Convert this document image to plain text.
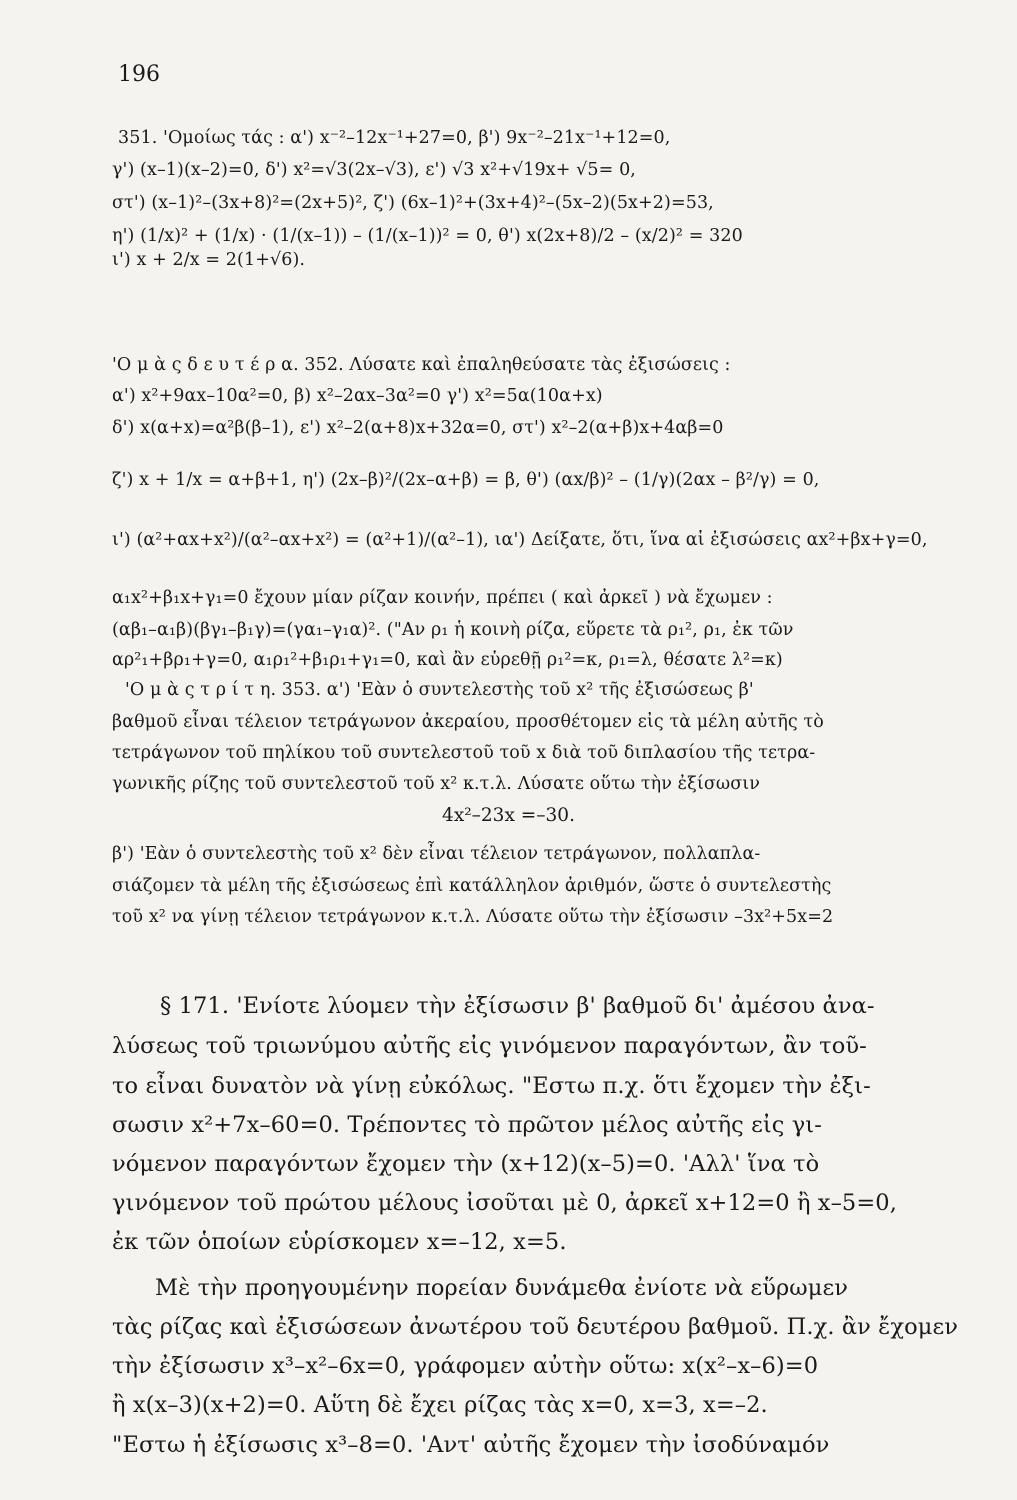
196
351. 'Ομοίως τάς : α') x⁻²–12x⁻¹+27=0, β') 9x⁻²–21x⁻¹+12=0,
γ') (x–1)(x–2)=0, δ') x²=√3(2x–√3), ε') √3 x²+√19x+ √5= 0,
στ') (x–1)²–(3x+8)²=(2x+5)², ζ') (6x–1)²+(3x+4)²–(5x–2)(5x+2)=53,
η') (1/x)² + (1/x) · (1/(x–1)) – (1/(x–1))² = 0, θ') x(2x+8)/2 – (x/2)² = 320
ι') x + 2/x = 2(1+√6).
'Ο μ ὰ ς δ ε υ τ έ ρ α. 352. Λύσατε καὶ ἐπαληθεύσατε τὰς ἐξισώσεις :
α') x²+9αx–10α²=0, β) x²–2αx–3α²=0 γ') x²=5α(10α+x)
δ') x(α+x)=α²β(β–1), ε') x²–2(α+8)x+32α=0, στ') x²–2(α+β)x+4αβ=0
ζ') x + 1/x = α+β+1, η') (2x–β)²/(2x–α+β) = β, θ') (αx/β)² – (1/γ)(2αx – β²/γ) = 0,
ι') (α²+αx+x²)/(α²–αx+x²) = (α²+1)/(α²–1), ια') Δείξατε, ὅτι, ἵνα αἱ ἐξισώσεις αx²+βx+γ=0,
α₁x²+β₁x+γ₁=0 ἔχουν μίαν ρίζαν κοινήν, πρέπει ( καὶ ἀρκεῖ ) νὰ ἔχωμεν :
(αβ₁–α₁β)(βγ₁–β₁γ)=(γα₁–γ₁α)². ("Αν ρ₁ ἡ κοινὴ ρίζα, εὕρετε τὰ ρ₁², ρ₁, ἐκ τῶν
αρ²₁+βρ₁+γ=0, α₁ρ₁²+β₁ρ₁+γ₁=0, καὶ ἂν εὑρεθῇ ρ₁²=κ, ρ₁=λ, θέσατε λ²=κ)
'Ο μ ὰ ς τ ρ ί τ η. 353. α') 'Εὰν ὁ συντελεστὴς τοῦ x² τῆς ἐξισώσεως β'
βαθμοῦ εἶναι τέλειον τετράγωνον ἀκεραίου, προσθέτομεν εἰς τὰ μέλη αὐτῆς τὸ
τετράγωνον τοῦ πηλίκου τοῦ συντελεστοῦ τοῦ x διὰ τοῦ διπλασίου τῆς τετρα-
γωνικῆς ρίζης τοῦ συντελεστοῦ τοῦ x² κ.τ.λ. Λύσατε οὕτω τὴν ἐξίσωσιν
4x²–23x =–30.
β') 'Εὰν ὁ συντελεστὴς τοῦ x² δὲν εἶναι τέλειον τετράγωνον, πολλαπλα-
σιάζομεν τὰ μέλη τῆς ἐξισώσεως ἐπὶ κατάλληλον ἀριθμόν, ὥστε ὁ συντελεστὴς
τοῦ x² να γίνῃ τέλειον τετράγωνον κ.τ.λ. Λύσατε οὕτω τὴν ἐξίσωσιν –3x²+5x=2
§ 171. 'Ενίοτε λύομεν τὴν ἐξίσωσιν β' βαθμοῦ δι' ἀμέσου ἀνα-
λύσεως τοῦ τριωνύμου αὐτῆς εἰς γινόμενον παραγόντων, ἂν τοῦ-
το εἶναι δυνατὸν νὰ γίνῃ εὐκόλως. "Εστω π.χ. ὅτι ἔχομεν τὴν ἐξι-
σωσιν x²+7x–60=0. Τρέποντες τὸ πρῶτον μέλος αὐτῆς εἰς γι-
νόμενον παραγόντων ἔχομεν τὴν (x+12)(x–5)=0. 'Αλλ' ἵνα τὸ
γινόμενον τοῦ πρώτου μέλους ἰσοῦται μὲ 0, ἀρκεῖ x+12=0 ἢ x–5=0,
ἐκ τῶν ὁποίων εὑρίσκομεν x=–12, x=5.
Μὲ τὴν προηγουμένην πορείαν δυνάμεθα ἐνίοτε νὰ εὕρωμεν
τὰς ρίζας καὶ ἐξισώσεων ἀνωτέρου τοῦ δευτέρου βαθμοῦ. Π.χ. ἂν ἔχομεν
τὴν ἐξίσωσιν x³–x²–6x=0, γράφομεν αὐτὴν οὕτω: x(x²–x–6)=0
ἢ x(x–3)(x+2)=0. Αὕτη δὲ ἔχει ρίζας τὰς x=0, x=3, x=–2.
"Εστω ἡ ἐξίσωσις x³–8=0. 'Αντ' αὐτῆς ἔχομεν τὴν ἰσοδύναμόν
